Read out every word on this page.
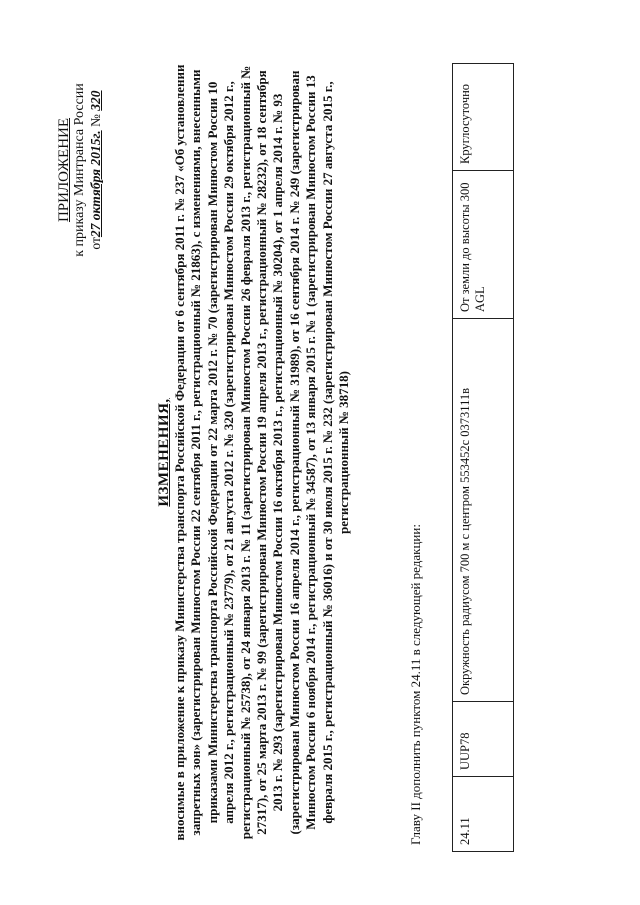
ПРИЛОЖЕНИЕ к приказу Минтранса России от27 октября 2015г. № 320
ИЗМЕНЕНИЯ, вносимые в приложение к приказу Министерства транспорта Российской Федерации от 6 сентября 2011 г. № 237 «Об установлении запретных зон» (зарегистрирован Минюстом России 22 сентября 2011 г., регистрационный № 21863), с изменениями, внесенными приказами Министерства транспорта Российской Федерации от 22 марта 2012 г. № 70 (зарегистрирован Минюстом России 10 апреля 2012 г., регистрационный № 23779), от 21 августа 2012 г. № 320 (зарегистрирован Минюстом России 29 октября 2012 г., регистрационный № 25738), от 24 января 2013 г. № 11 (зарегистрирован Минюстом России 26 февраля 2013 г., регистрационный № 27317), от 25 марта 2013 г. № 99 (зарегистрирован Минюстом России 19 апреля 2013 г., регистрационный № 28232), от 18 сентября 2013 г. № 293 (зарегистрирован Минюстом России 16 октября 2013 г., регистрационный № 30204), от 1 апреля 2014 г. № 93 (зарегистрирован Минюстом России 16 апреля 2014 г., регистрационный № 31989), от 16 сентября 2014 г. № 249 (зарегистрирован Минюстом России 6 ноября 2014 г., регистрационный № 34587), от 13 января 2015 г. № 1 (зарегистрирован Минюстом России 13 февраля 2015 г., регистрационный № 36016) и от 30 июля 2015 г. № 232 (зарегистрирован Минюстом России 27 августа 2015 г., регистрационный № 38718)
Главу II дополнить пунктом 24.11 в следующей редакции:	24.11	UUP78	Окружность радиусом 700 м с центром 553452с 0373111в	От земли до высоты 300 AGL	Круглосуточно
